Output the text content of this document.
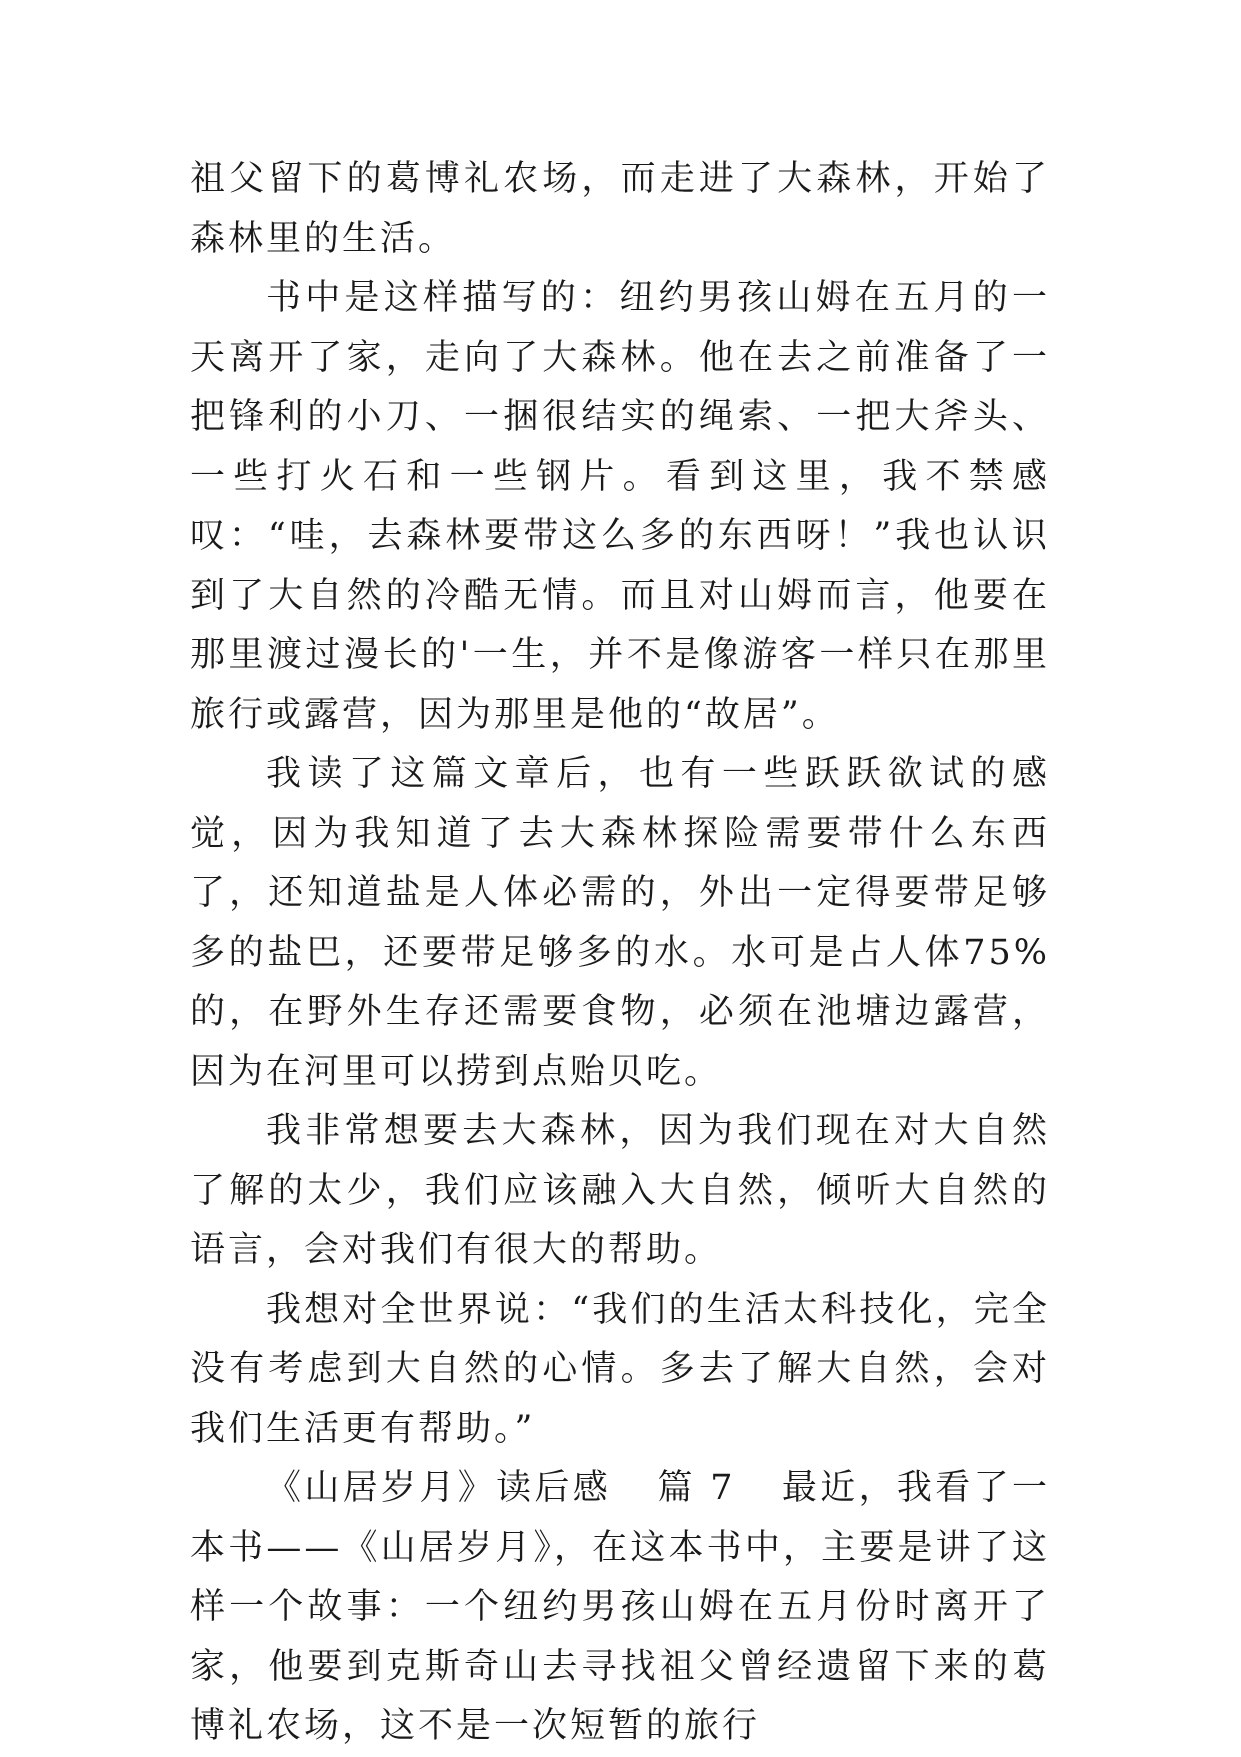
祖父留下的葛博礼农场，而走进了大森林，开始了森林里的生活。

书中是这样描写的：纽约男孩山姆在五月的一天离开了家，走向了大森林。他在去之前准备了一把锋利的小刀、一捆很结实的绳索、一把大斧头、一些打火石和一些钢片。看到这里，我不禁感叹：“哇，去森林要带这么多的东西呀！”我也认识到了大自然的冷酷无情。而且对山姆而言，他要在那里渡过漫长的'一生，并不是像游客一样只在那里旅行或露营，因为那里是他的“故居”。

我读了这篇文章后，也有一些跃跃欲试的感觉，因为我知道了去大森林探险需要带什么东西了，还知道盐是人体必需的，外出一定得要带足够多的盐巴，还要带足够多的水。水可是占人体75%的，在野外生存还需要食物，必须在池塘边露营，因为在河里可以捞到点贻贝吃。

我非常想要去大森林，因为我们现在对大自然了解的太少，我们应该融入大自然，倾听大自然的语言，会对我们有很大的帮助。

我想对全世界说：“我们的生活太科技化，完全没有考虑到大自然的心情。多去了解大自然，会对我们生活更有帮助。”

《山居岁月》读后感 篇 7 最近，我看了一本书——《山居岁月》，在这本书中，主要是讲了这样一个故事：一个纽约男孩山姆在五月份时离开了家，他要到克斯奇山去寻找祖父曾经遗留下来的葛博礼农场，这不是一次短暂的旅行
